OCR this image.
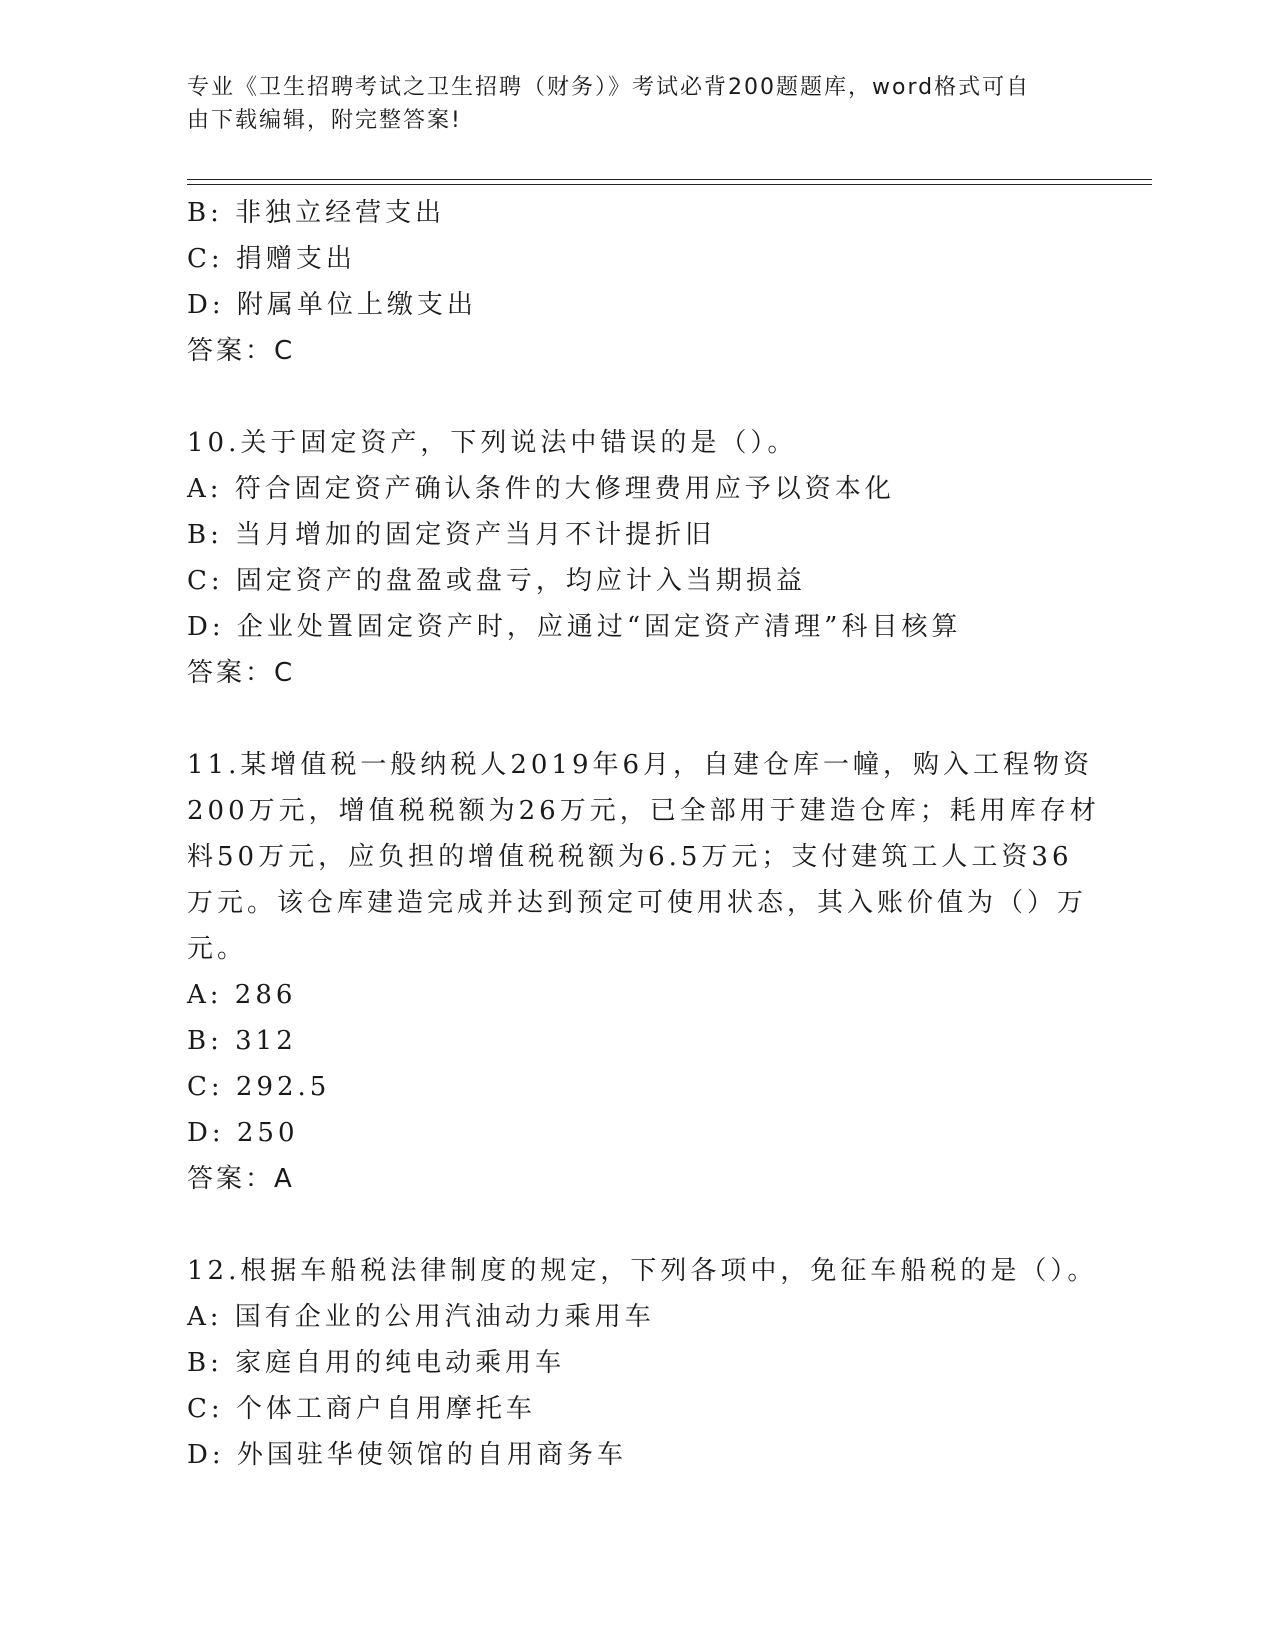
专业《卫生招聘考试之卫生招聘（财务）》考试必背200题题库，word格式可自
由下载编辑，附完整答案!
B: 非独立经营支出
C: 捐赠支出
D: 附属单位上缴支出
答案：C
10.关于固定资产，下列说法中错误的是（）。
A: 符合固定资产确认条件的大修理费用应予以资本化
B: 当月增加的固定资产当月不计提折旧
C: 固定资产的盘盈或盘亏，均应计入当期损益
D: 企业处置固定资产时，应通过“固定资产清理”科目核算
答案：C
11.某增值税一般纳税人2019年6月，自建仓库一幢，购入工程物资
200万元，增值税税额为26万元，已全部用于建造仓库；耗用库存材
料50万元，应负担的增值税税额为6.5万元；支付建筑工人工资36
万元。该仓库建造完成并达到预定可使用状态，其入账价值为（）万
元。
A: 286
B: 312
C: 292.5
D: 250
答案：A
12.根据车船税法律制度的规定，下列各项中，免征车船税的是（）。
A: 国有企业的公用汽油动力乘用车
B: 家庭自用的纯电动乘用车
C: 个体工商户自用摩托车
D: 外国驻华使领馆的自用商务车
